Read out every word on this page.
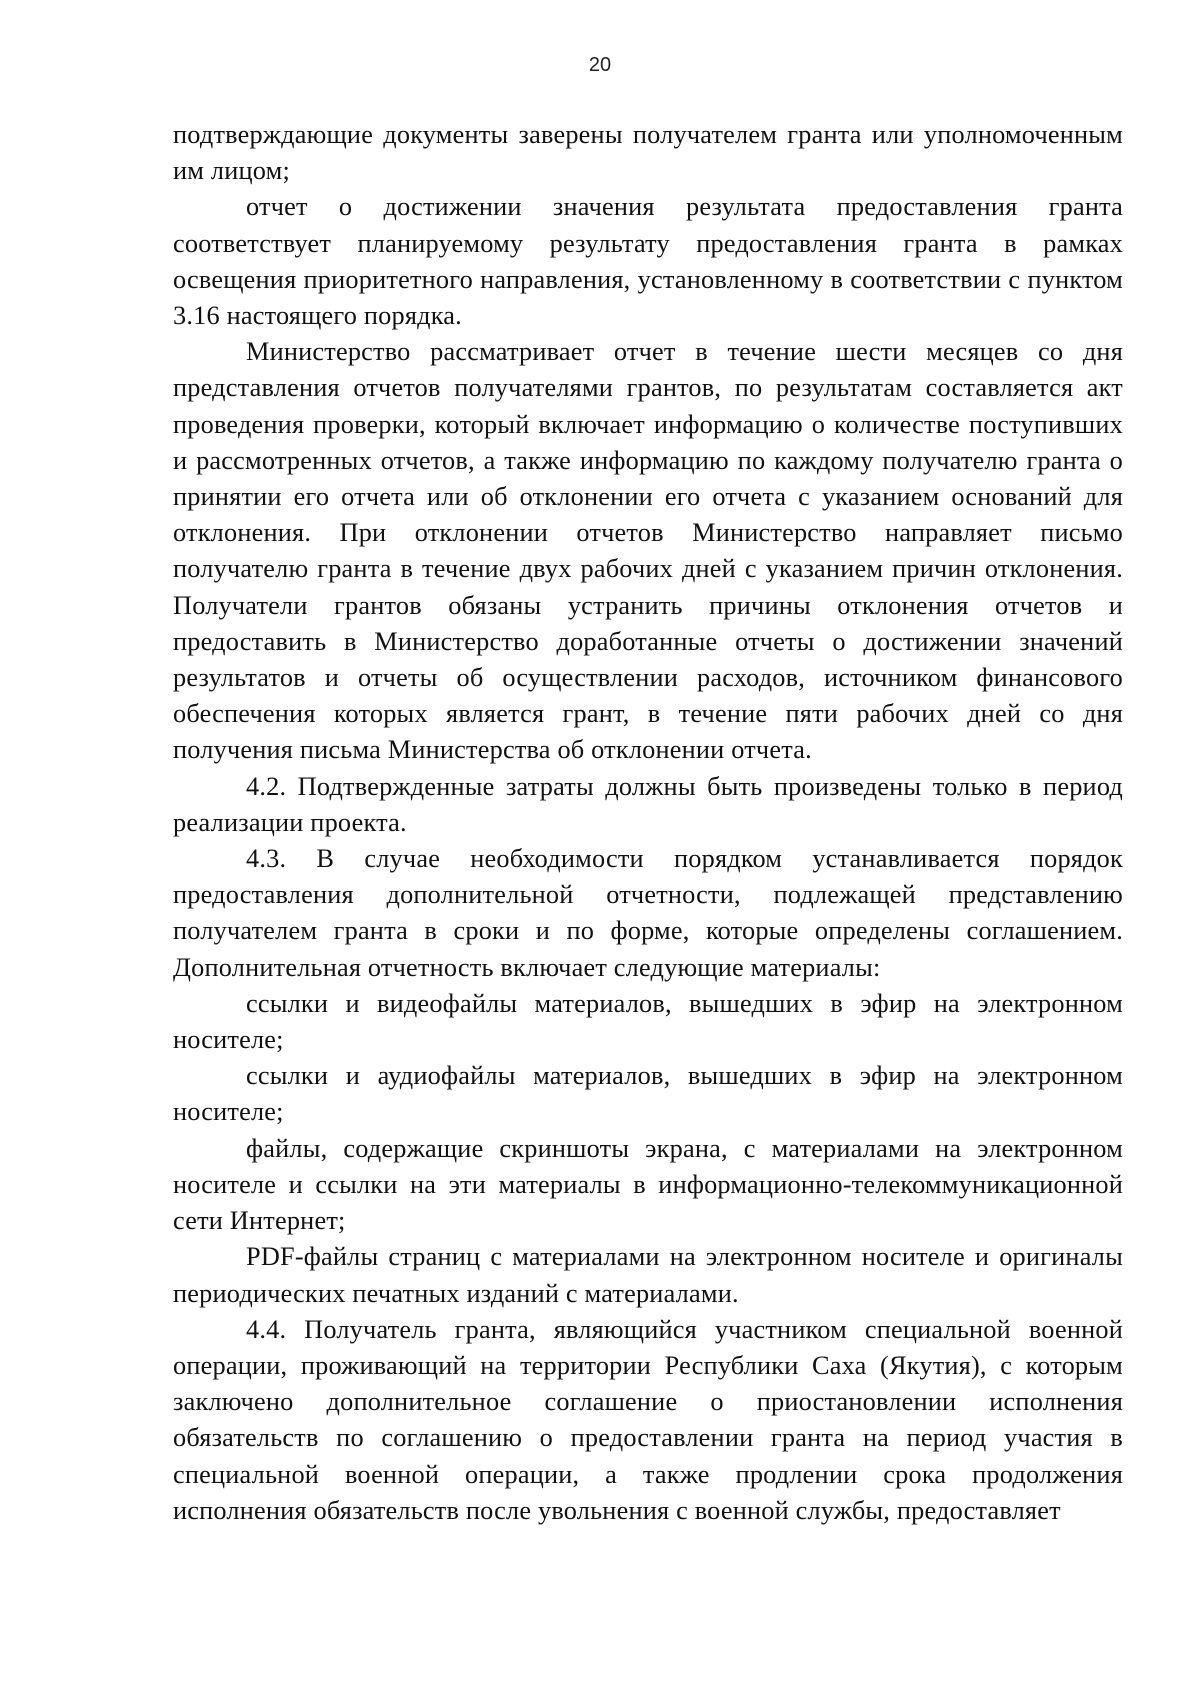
20

подтверждающие документы заверены получателем гранта или уполномоченным им лицом;

отчет о достижении значения результата предоставления гранта соответствует планируемому результату предоставления гранта в рамках освещения приоритетного направления, установленному в соответствии с пунктом 3.16 настоящего порядка.

Министерство рассматривает отчет в течение шести месяцев со дня представления отчетов получателями грантов, по результатам составляется акт проведения проверки, который включает информацию о количестве поступивших и рассмотренных отчетов, а также информацию по каждому получателю гранта о принятии его отчета или об отклонении его отчета с указанием оснований для отклонения. При отклонении отчетов Министерство направляет письмо получателю гранта в течение двух рабочих дней с указанием причин отклонения. Получатели грантов обязаны устранить причины отклонения отчетов и предоставить в Министерство доработанные отчеты о достижении значений результатов и отчеты об осуществлении расходов, источником финансового обеспечения которых является грант, в течение пяти рабочих дней со дня получения письма Министерства об отклонении отчета.

4.2. Подтвержденные затраты должны быть произведены только в период реализации проекта.

4.3. В случае необходимости порядком устанавливается порядок предоставления дополнительной отчетности, подлежащей представлению получателем гранта в сроки и по форме, которые определены соглашением. Дополнительная отчетность включает следующие материалы:

ссылки и видеофайлы материалов, вышедших в эфир на электронном носителе;

ссылки и аудиофайлы материалов, вышедших в эфир на электронном носителе;

файлы, содержащие скриншоты экрана, с материалами на электронном носителе и ссылки на эти материалы в информационно-телекоммуникационной сети Интернет;

PDF-файлы страниц с материалами на электронном носителе и оригиналы периодических печатных изданий с материалами.

4.4. Получатель гранта, являющийся участником специальной военной операции, проживающий на территории Республики Саха (Якутия), с которым заключено дополнительное соглашение о приостановлении исполнения обязательств по соглашению о предоставлении гранта на период участия в специальной военной операции, а также продлении срока продолжения исполнения обязательств после увольнения с военной службы, предоставляет
